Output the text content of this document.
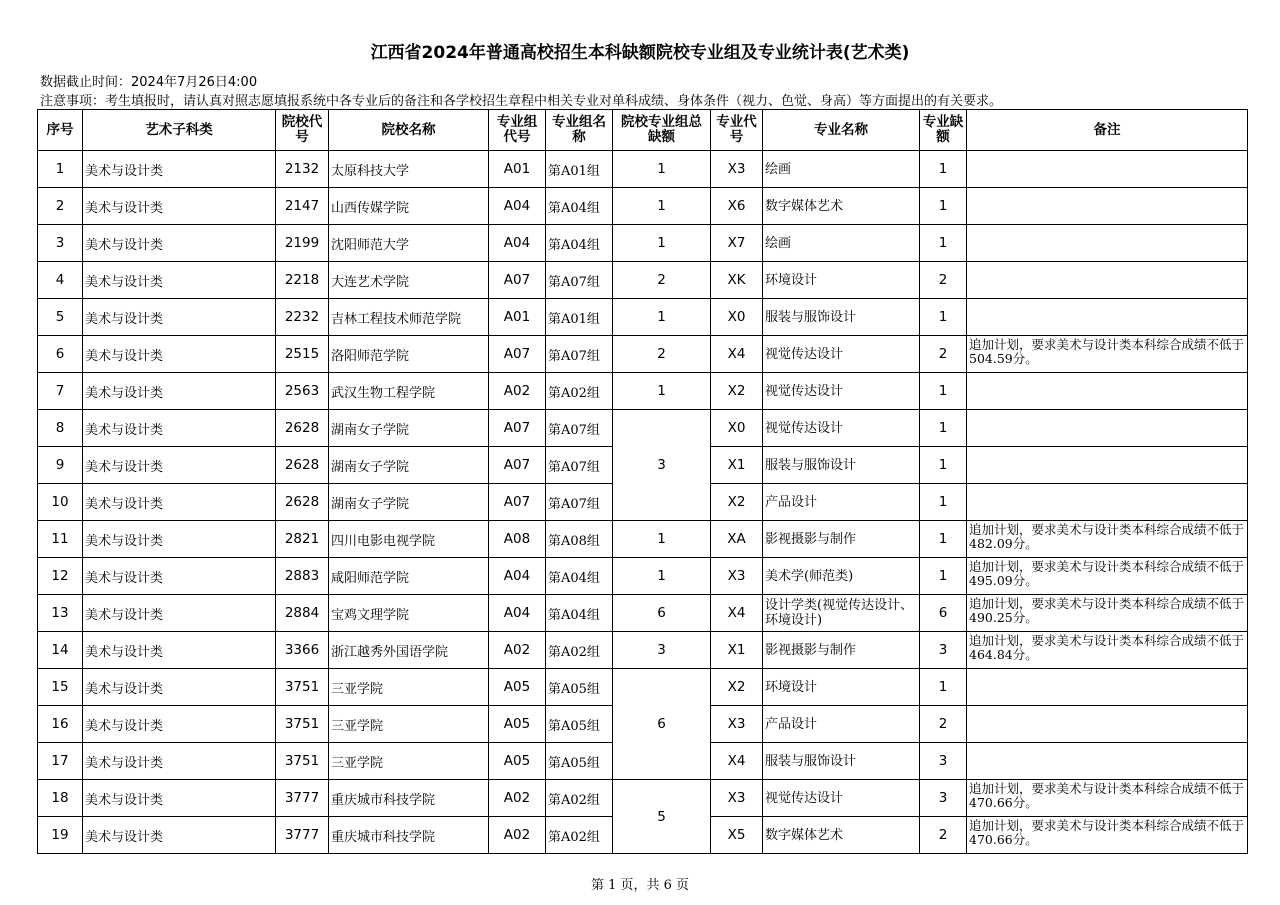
江西省2024年普通高校招生本科缺额院校专业组及专业统计表(艺术类)
数据截止时间：2024年7月26日4:00
注意事项：考生填报时，请认真对照志愿填报系统中各专业后的备注和各学校招生章程中相关专业对单科成绩、身体条件（视力、色觉、身高）等方面提出的有关要求。
序号	艺术子科类	院校代号	院校名称	专业组代号	专业组名称	院校专业组总缺额	专业代号	专业名称	专业缺额	备注
1	美术与设计类	2132	太原科技大学	A01	第A01组	1	X3	绘画	1	
2	美术与设计类	2147	山西传媒学院	A04	第A04组	1	X6	数字媒体艺术	1	
3	美术与设计类	2199	沈阳师范大学	A04	第A04组	1	X7	绘画	1	
4	美术与设计类	2218	大连艺术学院	A07	第A07组	2	XK	环境设计	2	
5	美术与设计类	2232	吉林工程技术师范学院	A01	第A01组	1	X0	服装与服饰设计	1	
6	美术与设计类	2515	洛阳师范学院	A07	第A07组	2	X4	视觉传达设计	2	追加计划，要求美术与设计类本科综合成绩不低于504.59分。
7	美术与设计类	2563	武汉生物工程学院	A02	第A02组	1	X2	视觉传达设计	1	
8	美术与设计类	2628	湖南女子学院	A07	第A07组	3	X0	视觉传达设计	1	
9	美术与设计类	2628	湖南女子学院	A07	第A07组		X1	服装与服饰设计	1	
10	美术与设计类	2628	湖南女子学院	A07	第A07组		X2	产品设计	1	
11	美术与设计类	2821	四川电影电视学院	A08	第A08组	1	XA	影视摄影与制作	1	追加计划，要求美术与设计类本科综合成绩不低于482.09分。
12	美术与设计类	2883	咸阳师范学院	A04	第A04组	1	X3	美术学(师范类)	1	追加计划，要求美术与设计类本科综合成绩不低于495.09分。
13	美术与设计类	2884	宝鸡文理学院	A04	第A04组	6	X4	设计学类(视觉传达设计、环境设计)	6	追加计划，要求美术与设计类本科综合成绩不低于490.25分。
14	美术与设计类	3366	浙江越秀外国语学院	A02	第A02组	3	X1	影视摄影与制作	3	追加计划，要求美术与设计类本科综合成绩不低于464.84分。
15	美术与设计类	3751	三亚学院	A05	第A05组	6	X2	环境设计	1	
16	美术与设计类	3751	三亚学院	A05	第A05组		X3	产品设计	2	
17	美术与设计类	3751	三亚学院	A05	第A05组		X4	服装与服饰设计	3	
18	美术与设计类	3777	重庆城市科技学院	A02	第A02组	5	X3	视觉传达设计	3	追加计划，要求美术与设计类本科综合成绩不低于470.66分。
19	美术与设计类	3777	重庆城市科技学院	A02	第A02组		X5	数字媒体艺术	2	追加计划，要求美术与设计类本科综合成绩不低于470.66分。
第 1 页，共 6 页
